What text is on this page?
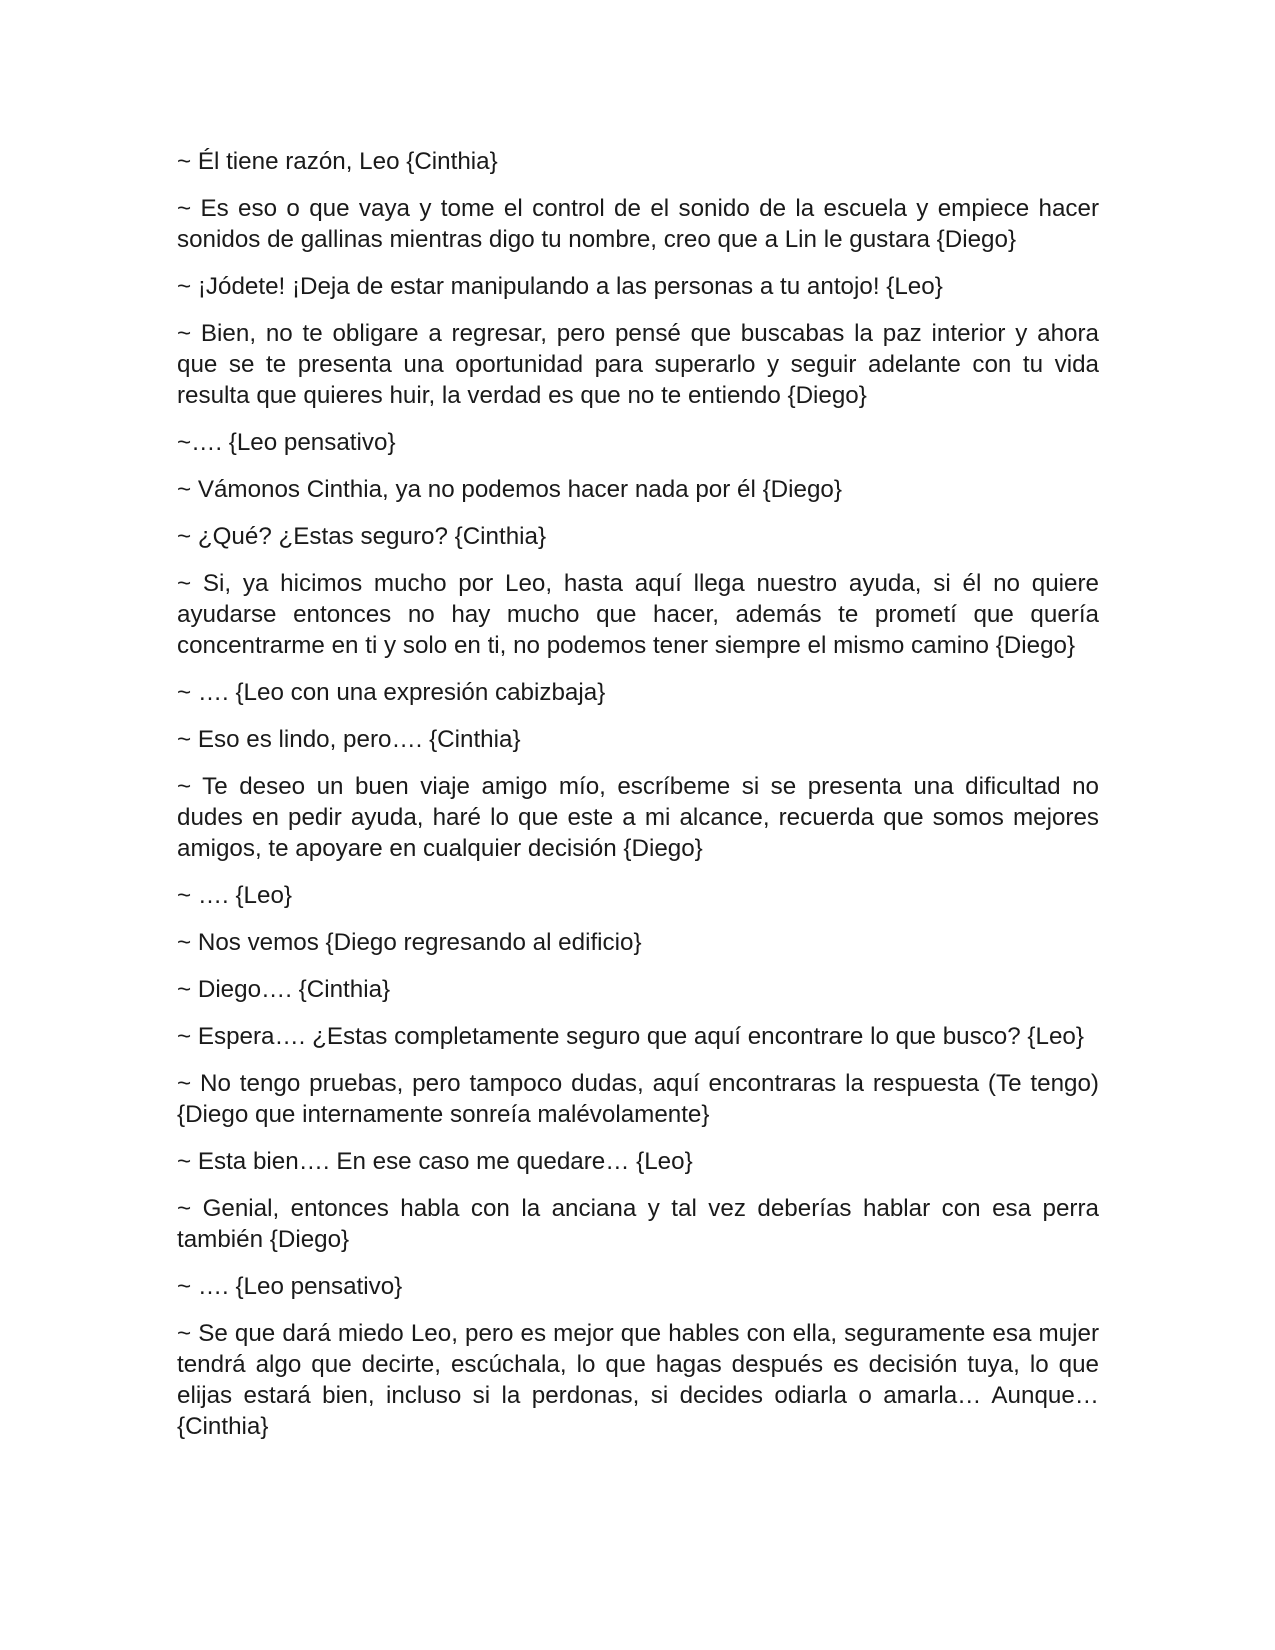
~ Él tiene razón, Leo {Cinthia}

~ Es eso o que vaya y tome el control de el sonido de la escuela y empiece hacer sonidos de gallinas mientras digo tu nombre, creo que a Lin le gustara {Diego}

~ ¡Jódete! ¡Deja de estar manipulando a las personas a tu antojo! {Leo}

~ Bien, no te obligare a regresar, pero pensé que buscabas la paz interior y ahora que se te presenta una oportunidad para superarlo y seguir adelante con tu vida resulta que quieres huir, la verdad es que no te entiendo {Diego}

~…. {Leo pensativo}

~ Vámonos Cinthia, ya no podemos hacer nada por él {Diego}

~ ¿Qué? ¿Estas seguro? {Cinthia}

~ Si, ya hicimos mucho por Leo, hasta aquí llega nuestro ayuda, si él no quiere ayudarse entonces no hay mucho que hacer, además te prometí que quería concentrarme en ti y solo en ti, no podemos tener siempre el mismo camino {Diego}

~ …. {Leo con una expresión cabizbaja}

~ Eso es lindo, pero…. {Cinthia}

~ Te deseo un buen viaje amigo mío, escríbeme si se presenta una dificultad no dudes en pedir ayuda, haré lo que este a mi alcance, recuerda que somos mejores amigos, te apoyare en cualquier decisión {Diego}

~ …. {Leo}

~ Nos vemos {Diego regresando al edificio}

~ Diego…. {Cinthia}

~ Espera…. ¿Estas completamente seguro que aquí encontrare lo que busco? {Leo}

~ No tengo pruebas, pero tampoco dudas, aquí encontraras la respuesta (Te tengo) {Diego que internamente sonreía malévolamente}

~ Esta bien…. En ese caso me quedare… {Leo}

~ Genial, entonces habla con la anciana y tal vez deberías hablar con esa perra también {Diego}

~ …. {Leo pensativo}

~ Se que dará miedo Leo, pero es mejor que hables con ella, seguramente esa mujer tendrá algo que decirte, escúchala, lo que hagas después es decisión tuya, lo que elijas estará bien, incluso si la perdonas, si decides odiarla o amarla… Aunque… {Cinthia}
